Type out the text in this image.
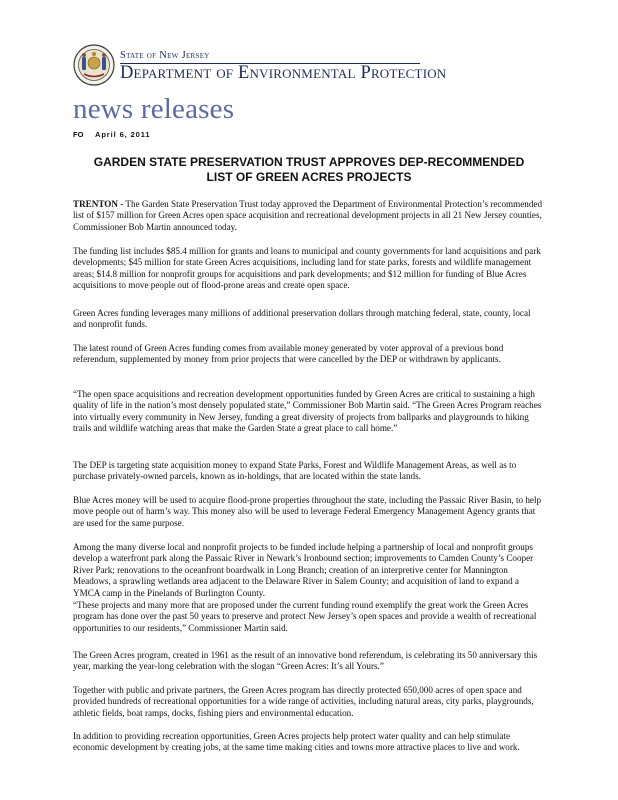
State of New Jersey
Department of Environmental Protection
news releases
FO April 6, 2011
GARDEN STATE PRESERVATION TRUST APPROVES DEP-RECOMMENDED
LIST OF GREEN ACRES PROJECTS

TRENTON - The Garden State Preservation Trust today approved the Department of Environmental Protection’s recommended list of $157 million for Green Acres open space acquisition and recreational development projects in all 21 New Jersey counties, Commissioner Bob Martin announced today.

The funding list includes $85.4 million for grants and loans to municipal and county governments for land acquisitions and park developments; $45 million for state Green Acres acquisitions, including land for state parks, forests and wildlife management areas; $14.8 million for nonprofit groups for acquisitions and park developments; and $12 million for funding of Blue Acres acquisitions to move people out of flood-prone areas and create open space.

Green Acres funding leverages many millions of additional preservation dollars through matching federal, state, county, local and nonprofit funds.

The latest round of Green Acres funding comes from available money generated by voter approval of a previous bond referendum, supplemented by money from prior projects that were cancelled by the DEP or withdrawn by applicants.

“The open space acquisitions and recreation development opportunities funded by Green Acres are critical to sustaining a high quality of life in the nation’s most densely populated state,” Commissioner Bob Martin said. “The Green Acres Program reaches into virtually every community in New Jersey, funding a great diversity of projects from ballparks and playgrounds to hiking trails and wildlife watching areas that make the Garden State a great place to call home.”

The DEP is targeting state acquisition money to expand State Parks, Forest and Wildlife Management Areas, as well as to purchase privately-owned parcels, known as in-holdings, that are located within the state lands.

Blue Acres money will be used to acquire flood-prone properties throughout the state, including the Passaic River Basin, to help move people out of harm’s way. This money also will be used to leverage Federal Emergency Management Agency grants that are used for the same purpose.

Among the many diverse local and nonprofit projects to be funded include helping a partnership of local and nonprofit groups develop a waterfront park along the Passaic River in Newark’s Ironbound section; improvements to Camden County’s Cooper River Park; renovations to the oceanfront boardwalk in Long Branch; creation of an interpretive center for Mannington Meadows, a sprawling wetlands area adjacent to the Delaware River in Salem County; and acquisition of land to expand a YMCA camp in the Pinelands of Burlington County.

“These projects and many more that are proposed under the current funding round exemplify the great work the Green Acres program has done over the past 50 years to preserve and protect New Jersey’s open spaces and provide a wealth of recreational opportunities to our residents,” Commissioner Martin said.

The Green Acres program, created in 1961 as the result of an innovative bond referendum, is celebrating its 50 anniversary this year, marking the year-long celebration with the slogan “Green Acres: It’s all Yours.”

Together with public and private partners, the Green Acres program has directly protected 650,000 acres of open space and provided hundreds of recreational opportunities for a wide range of activities, including natural areas, city parks, playgrounds, athletic fields, boat ramps, docks, fishing piers and environmental education.

In addition to providing recreation opportunities, Green Acres projects help protect water quality and can help stimulate economic development by creating jobs, at the same time making cities and towns more attractive places to live and work.
